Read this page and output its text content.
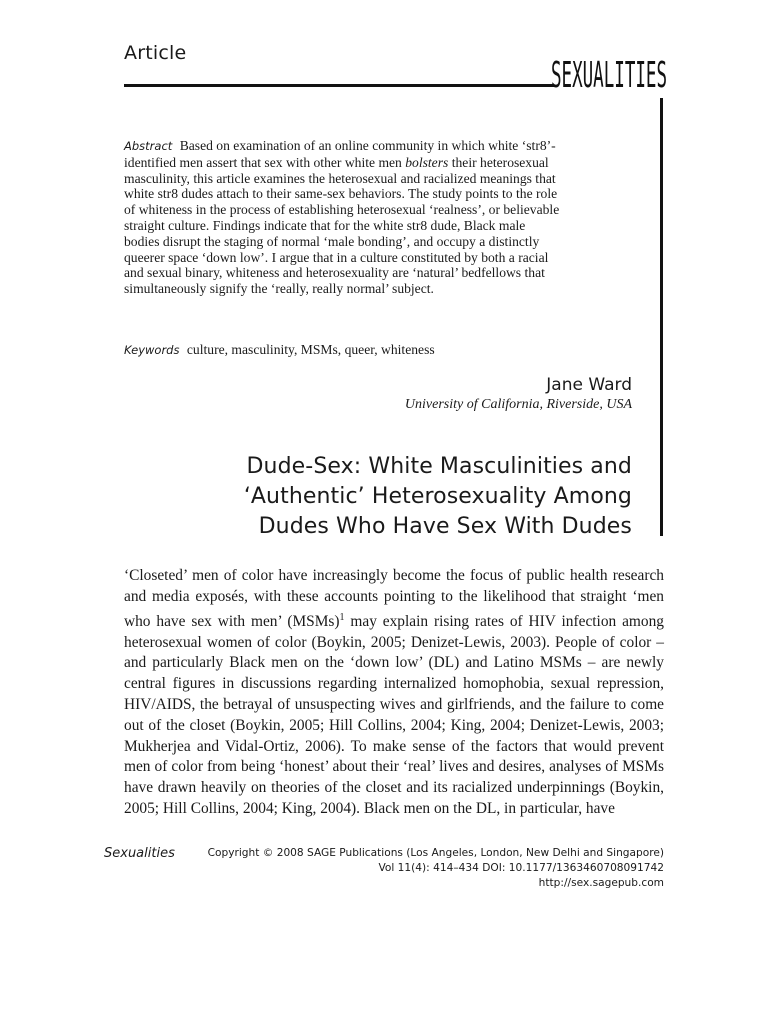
Article
SEXUALITIES
Abstract Based on examination of an online community in which white ‘str8’-identified men assert that sex with other white men bolsters their heterosexual masculinity, this article examines the heterosexual and racialized meanings that white str8 dudes attach to their same-sex behaviors. The study points to the role of whiteness in the process of establishing heterosexual ‘realness’, or believable straight culture. Findings indicate that for the white str8 dude, Black male bodies disrupt the staging of normal ‘male bonding’, and occupy a distinctly queerer space ‘down low’. I argue that in a culture constituted by both a racial and sexual binary, whiteness and heterosexuality are ‘natural’ bedfellows that simultaneously signify the ‘really, really normal’ subject.
Keywords culture, masculinity, MSMs, queer, whiteness
Jane Ward
University of California, Riverside, USA
Dude-Sex: White Masculinities and
‘Authentic’ Heterosexuality Among
Dudes Who Have Sex With Dudes
‘Closeted’ men of color have increasingly become the focus of public health research and media exposés, with these accounts pointing to the likelihood that straight ‘men who have sex with men’ (MSMs)$^1$ may explain rising rates of HIV infection among heterosexual women of color (Boykin, 2005; Denizet-Lewis, 2003). People of color – and particularly Black men on the ‘down low’ (DL) and Latino MSMs – are newly central figures in discussions regarding internalized homophobia, sexual repression, HIV/AIDS, the betrayal of unsuspecting wives and girlfriends, and the failure to come out of the closet (Boykin, 2005; Hill Collins, 2004; King, 2004; Denizet-Lewis, 2003; Mukherjea and Vidal-Ortiz, 2006). To make sense of the factors that would prevent men of color from being ‘honest’ about their ‘real’ lives and desires, analyses of MSMs have drawn heavily on theories of the closet and its racialized underpinnings (Boykin, 2005; Hill Collins, 2004; King, 2004). Black men on the DL, in particular, have
Sexualities	Copyright © 2008 SAGE Publications (Los Angeles, London, New Delhi and Singapore)
Vol 11(4): 414–434 DOI: 10.1177/1363460708091742
http://sex.sagepub.com
